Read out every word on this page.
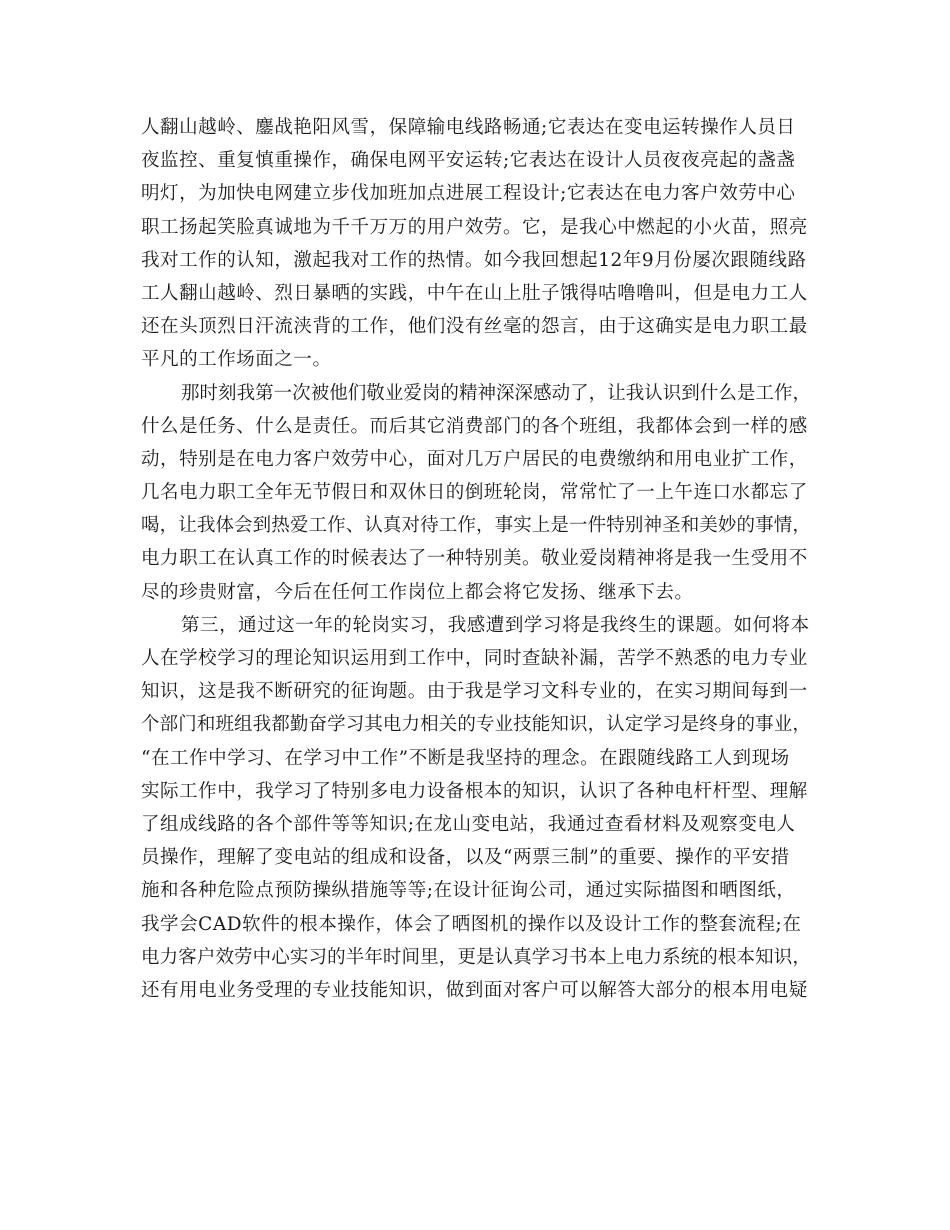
人翻山越岭、鏖战艳阳风雪，保障输电线路畅通;它表达在变电运转操作人员日
夜监控、重复慎重操作，确保电网平安运转;它表达在设计人员夜夜亮起的盏盏
明灯，为加快电网建立步伐加班加点进展工程设计;它表达在电力客户效劳中心
职工扬起笑脸真诚地为千千万万的用户效劳。它，是我心中燃起的小火苗，照亮
我对工作的认知，激起我对工作的热情。如今我回想起12年9月份屡次跟随线路
工人翻山越岭、烈日暴晒的实践，中午在山上肚子饿得咕噜噜叫，但是电力工人
还在头顶烈日汗流浃背的工作，他们没有丝毫的怨言，由于这确实是电力职工最
平凡的工作场面之一。
那时刻我第一次被他们敬业爱岗的精神深深感动了，让我认识到什么是工作，
什么是任务、什么是责任。而后其它消费部门的各个班组，我都体会到一样的感
动，特别是在电力客户效劳中心，面对几万户居民的电费缴纳和用电业扩工作，
几名电力职工全年无节假日和双休日的倒班轮岗，常常忙了一上午连口水都忘了
喝，让我体会到热爱工作、认真对待工作，事实上是一件特别神圣和美妙的事情，
电力职工在认真工作的时候表达了一种特别美。敬业爱岗精神将是我一生受用不
尽的珍贵财富，今后在任何工作岗位上都会将它发扬、继承下去。
第三，通过这一年的轮岗实习，我感遭到学习将是我终生的课题。如何将本
人在学校学习的理论知识运用到工作中，同时查缺补漏，苦学不熟悉的电力专业
知识，这是我不断研究的征询题。由于我是学习文科专业的，在实习期间每到一
个部门和班组我都勤奋学习其电力相关的专业技能知识，认定学习是终身的事业，
“在工作中学习、在学习中工作”不断是我坚持的理念。在跟随线路工人到现场
实际工作中，我学习了特别多电力设备根本的知识，认识了各种电杆杆型、理解
了组成线路的各个部件等等知识;在龙山变电站，我通过查看材料及观察变电人
员操作，理解了变电站的组成和设备，以及“两票三制”的重要、操作的平安措
施和各种危险点预防操纵措施等等;在设计征询公司，通过实际描图和晒图纸，
我学会CAD软件的根本操作，体会了晒图机的操作以及设计工作的整套流程;在
电力客户效劳中心实习的半年时间里，更是认真学习书本上电力系统的根本知识，
还有用电业务受理的专业技能知识，做到面对客户可以解答大部分的根本用电疑
